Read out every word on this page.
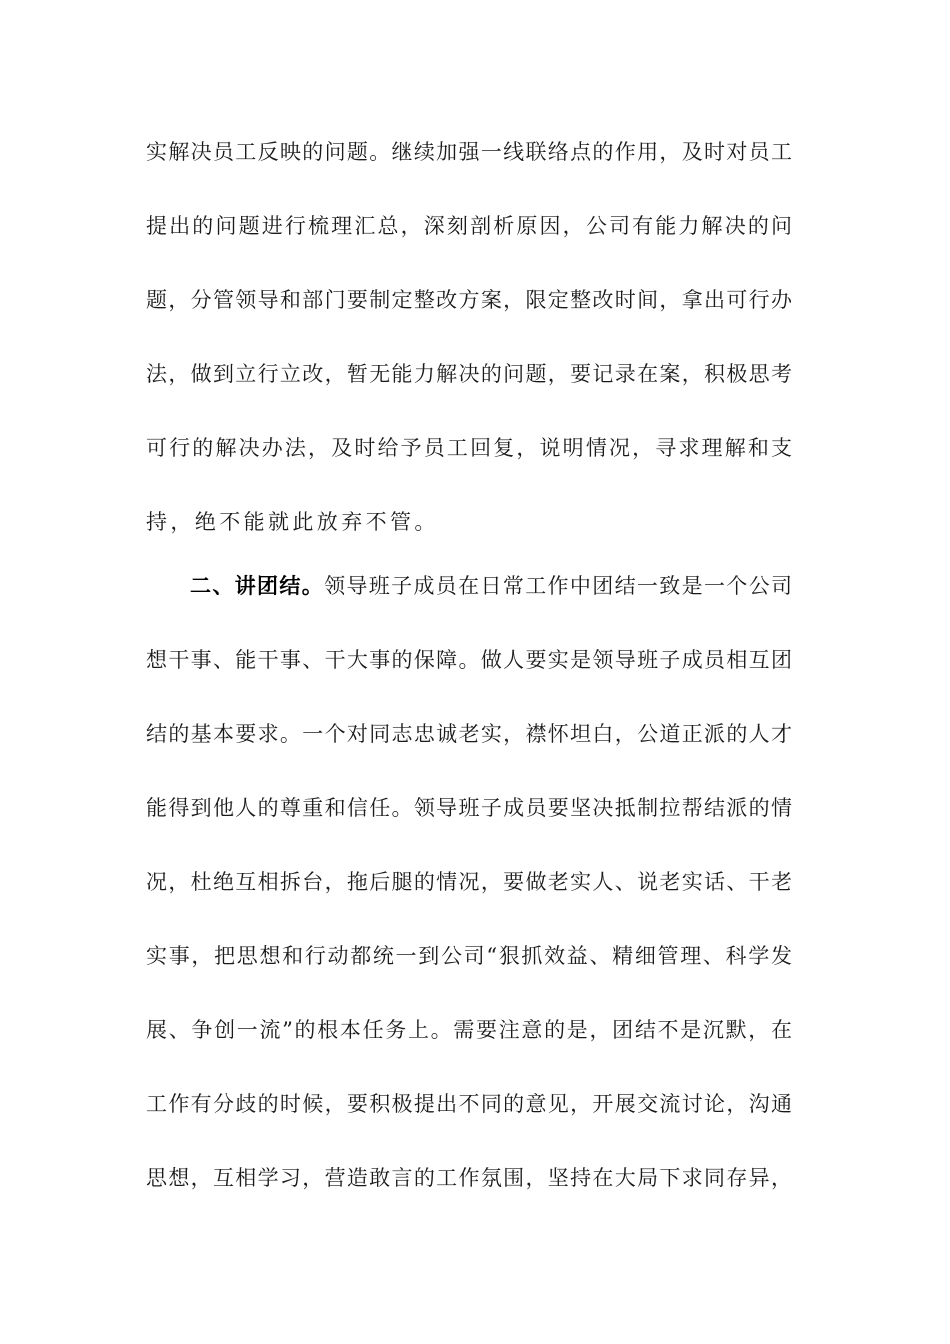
实解决员工反映的问题。继续加强一线联络点的作用，及时对员工
提出的问题进行梳理汇总，深刻剖析原因，公司有能力解决的问
题，分管领导和部门要制定整改方案，限定整改时间，拿出可行办
法，做到立行立改，暂无能力解决的问题，要记录在案，积极思考
可行的解决办法，及时给予员工回复，说明情况，寻求理解和支
持，绝不能就此放弃不管。
二、讲团结。领导班子成员在日常工作中团结一致是一个公司
想干事、能干事、干大事的保障。做人要实是领导班子成员相互团
结的基本要求。一个对同志忠诚老实，襟怀坦白，公道正派的人才
能得到他人的尊重和信任。领导班子成员要坚决抵制拉帮结派的情
况，杜绝互相拆台，拖后腿的情况，要做老实人、说老实话、干老
实事，把思想和行动都统一到公司“狠抓效益、精细管理、科学发
展、争创一流”的根本任务上。需要注意的是，团结不是沉默，在
工作有分歧的时候，要积极提出不同的意见，开展交流讨论，沟通
思想，互相学习，营造敢言的工作氛围，坚持在大局下求同存异，
